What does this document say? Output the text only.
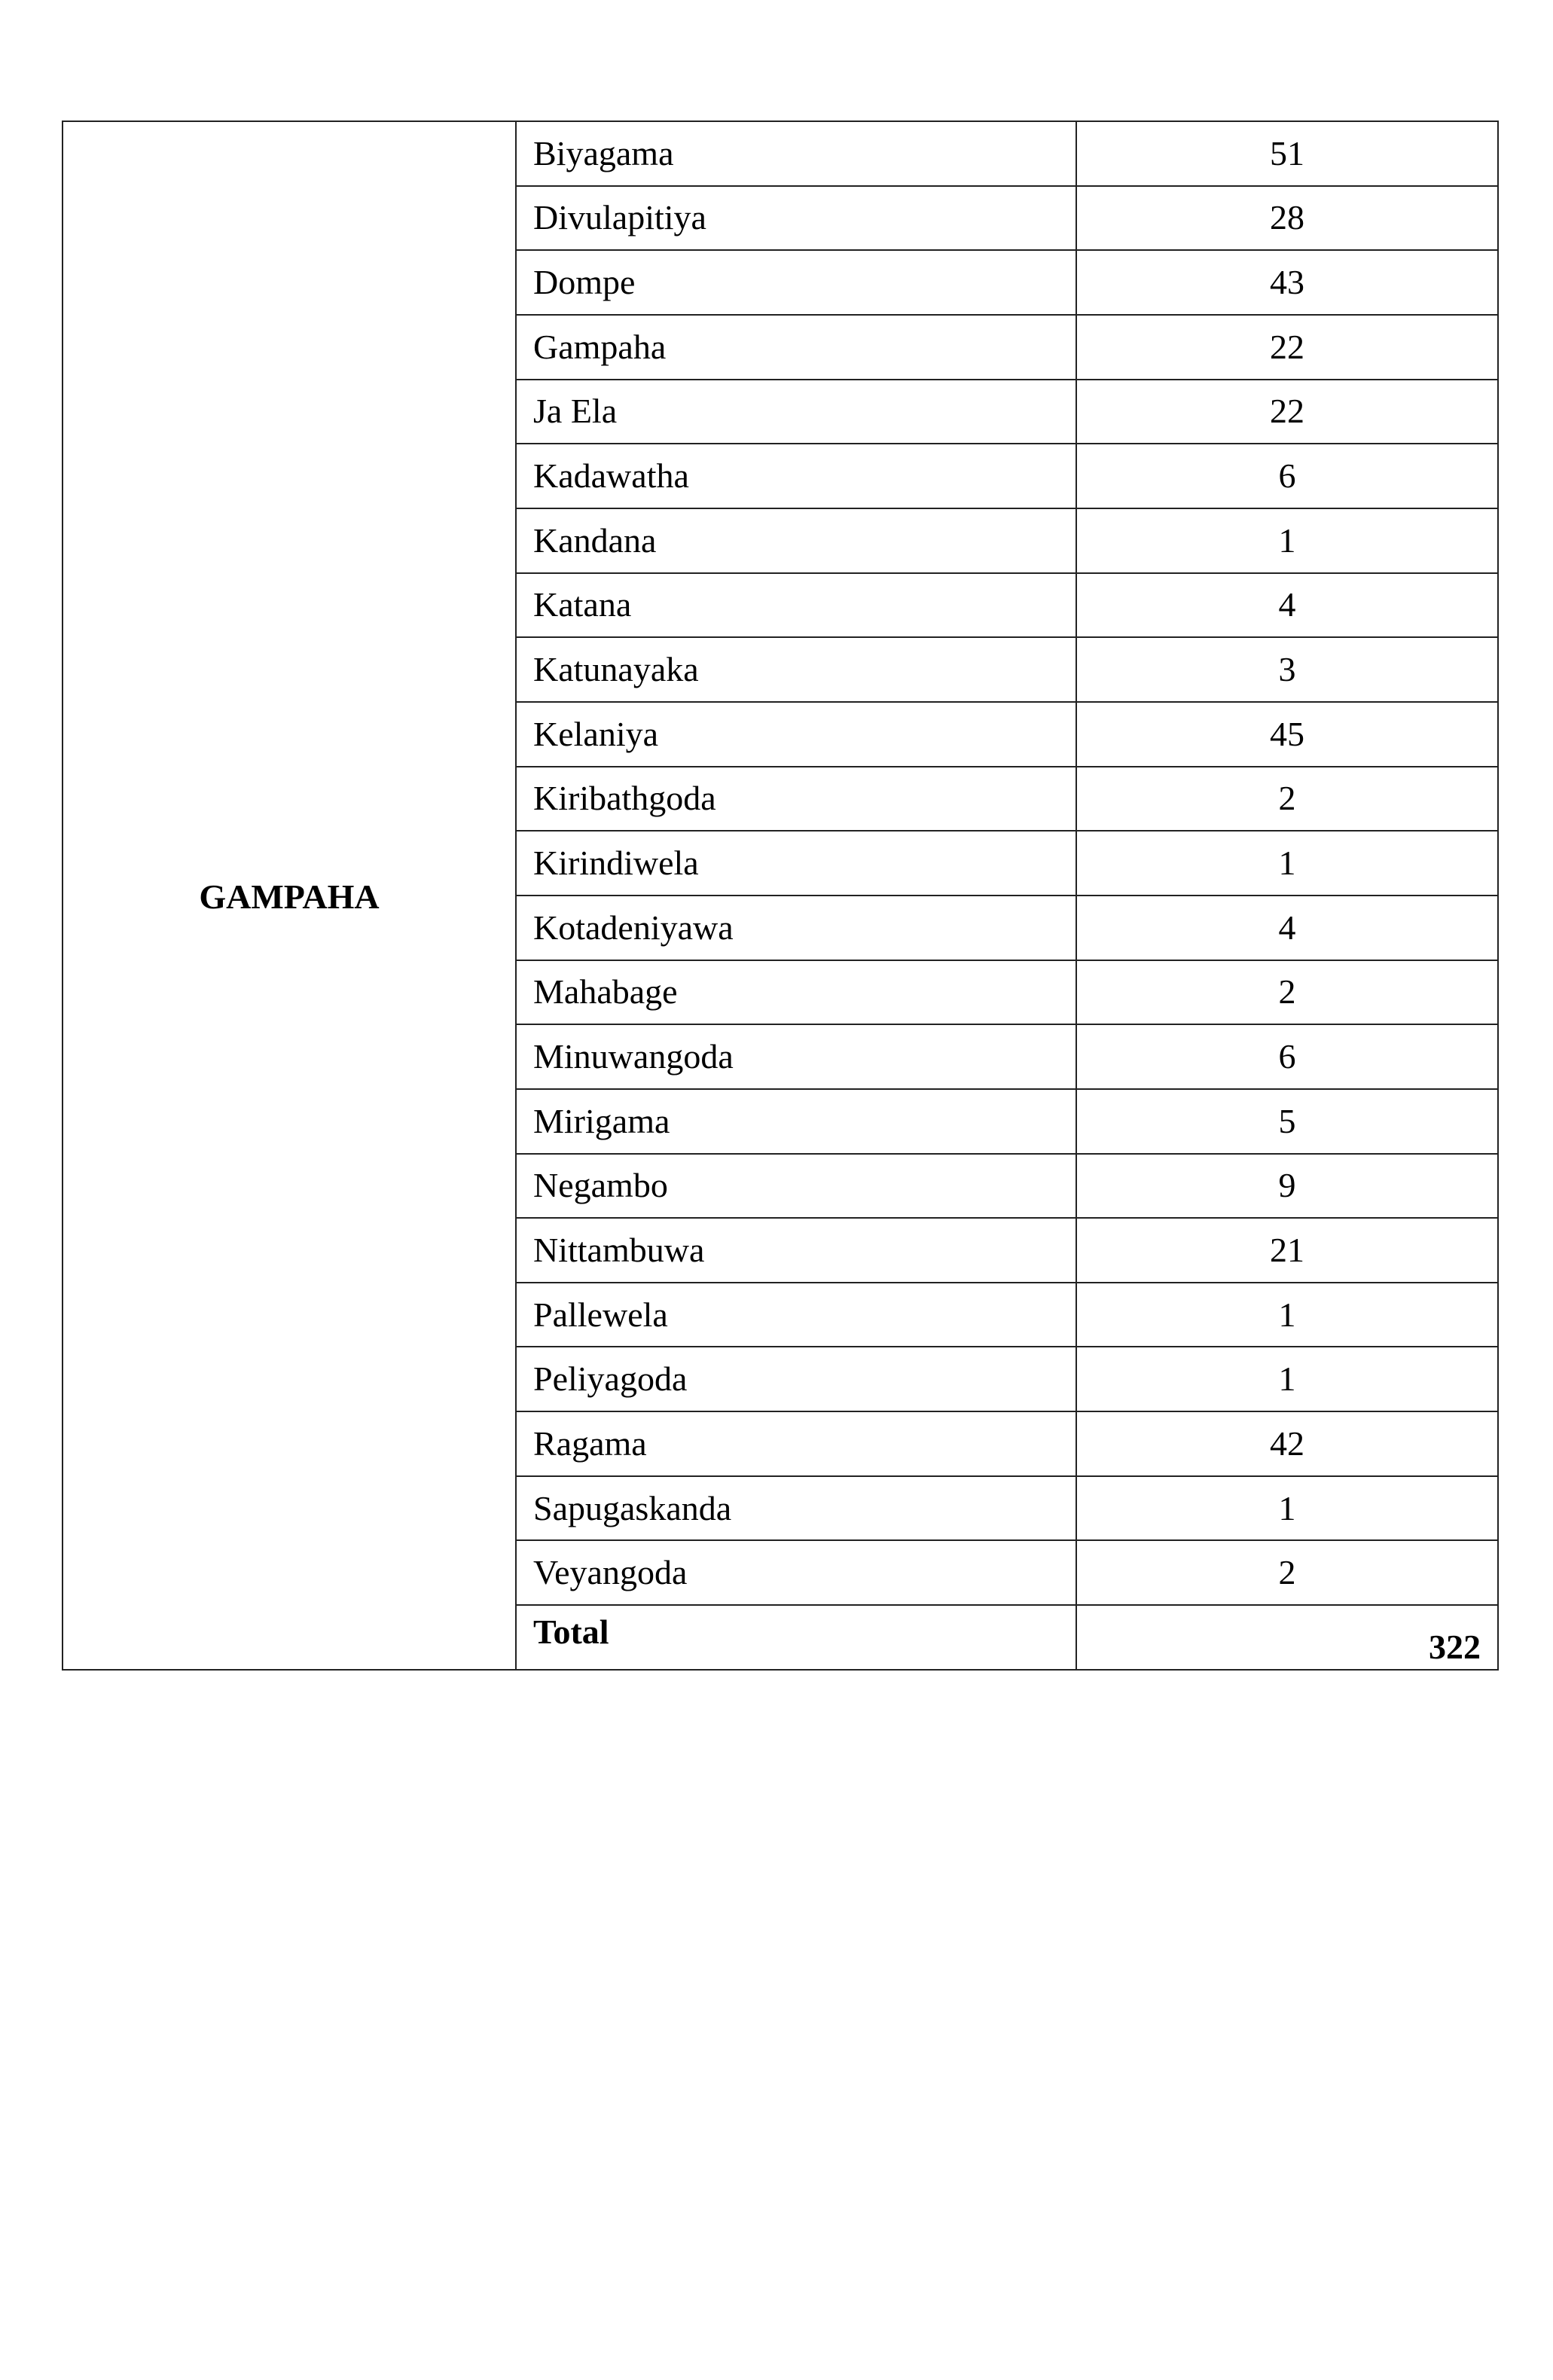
GAMPAHA	Biyagama	51
	Divulapitiya	28
	Dompe	43
	Gampaha	22
	Ja Ela	22
	Kadawatha	6
	Kandana	1
	Katana	4
	Katunayaka	3
	Kelaniya	45
	Kiribathgoda	2
	Kirindiwela	1
	Kotadeniyawa	4
	Mahabage	2
	Minuwangoda	6
	Mirigama	5
	Negambo	9
	Nittambuwa	21
	Pallewela	1
	Peliyagoda	1
	Ragama	42
	Sapugaskanda	1
	Veyangoda	2
	Total	322
